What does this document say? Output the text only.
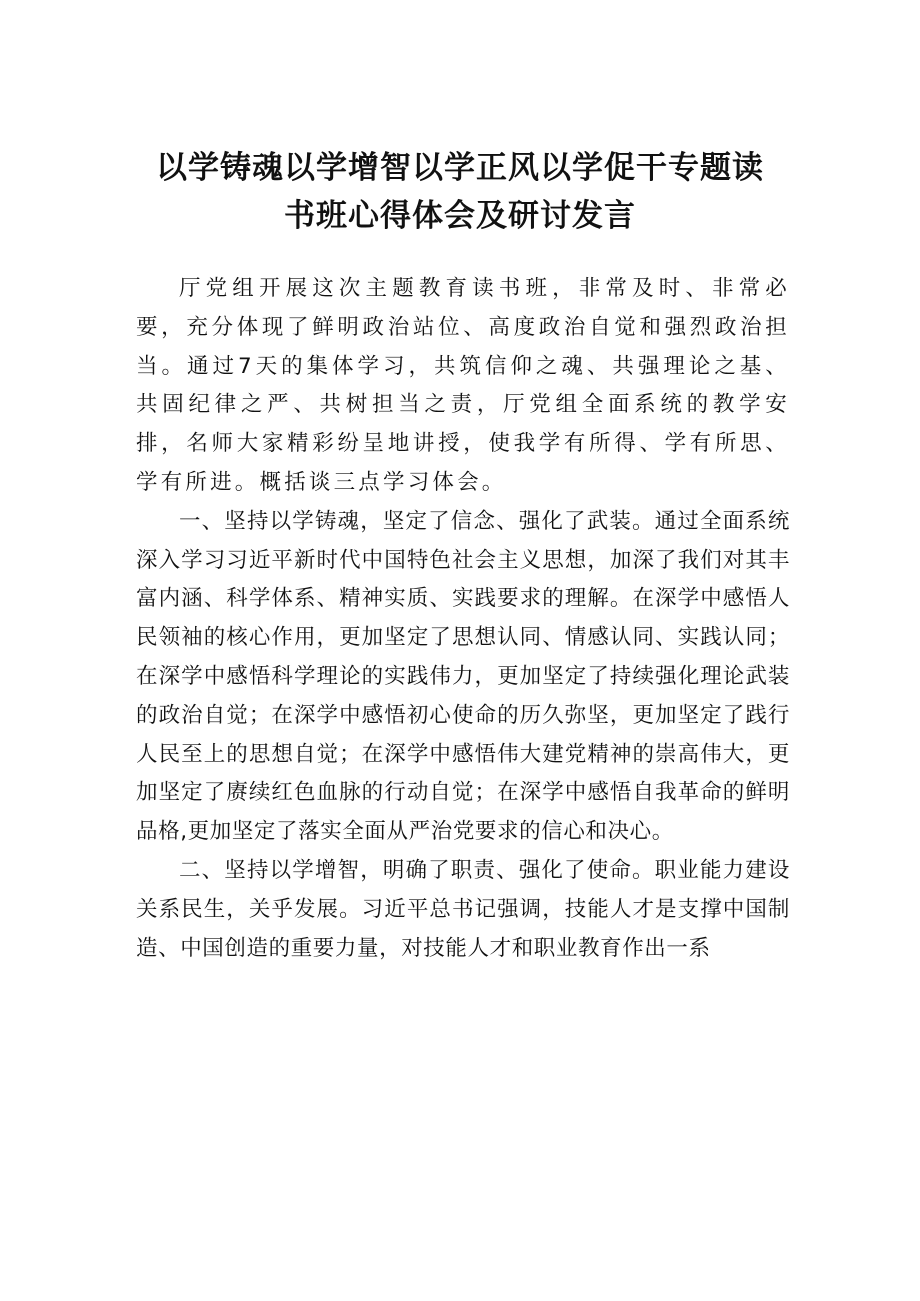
以学铸魂以学增智以学正风以学促干专题读
书班心得体会及研讨发言

厅党组开展这次主题教育读书班，非常及时、非常必要，充分体现了鲜明政治站位、高度政治自觉和强烈政治担当。通过7天的集体学习，共筑信仰之魂、共强理论之基、共固纪律之严、共树担当之责，厅党组全面系统的教学安排，名师大家精彩纷呈地讲授，使我学有所得、学有所思、学有所进。概括谈三点学习体会。

一、坚持以学铸魂，坚定了信念、强化了武装。通过全面系统深入学习习近平新时代中国特色社会主义思想，加深了我们对其丰富内涵、科学体系、精神实质、实践要求的理解。在深学中感悟人民领袖的核心作用，更加坚定了思想认同、情感认同、实践认同；在深学中感悟科学理论的实践伟力，更加坚定了持续强化理论武装的政治自觉；在深学中感悟初心使命的历久弥坚，更加坚定了践行人民至上的思想自觉；在深学中感悟伟大建党精神的崇高伟大，更加坚定了赓续红色血脉的行动自觉；在深学中感悟自我革命的鲜明品格,更加坚定了落实全面从严治党要求的信心和决心。

二、坚持以学增智，明确了职责、强化了使命。职业能力建设关系民生，关乎发展。习近平总书记强调，技能人才是支撑中国制造、中国创造的重要力量，对技能人才和职业教育作出一系
